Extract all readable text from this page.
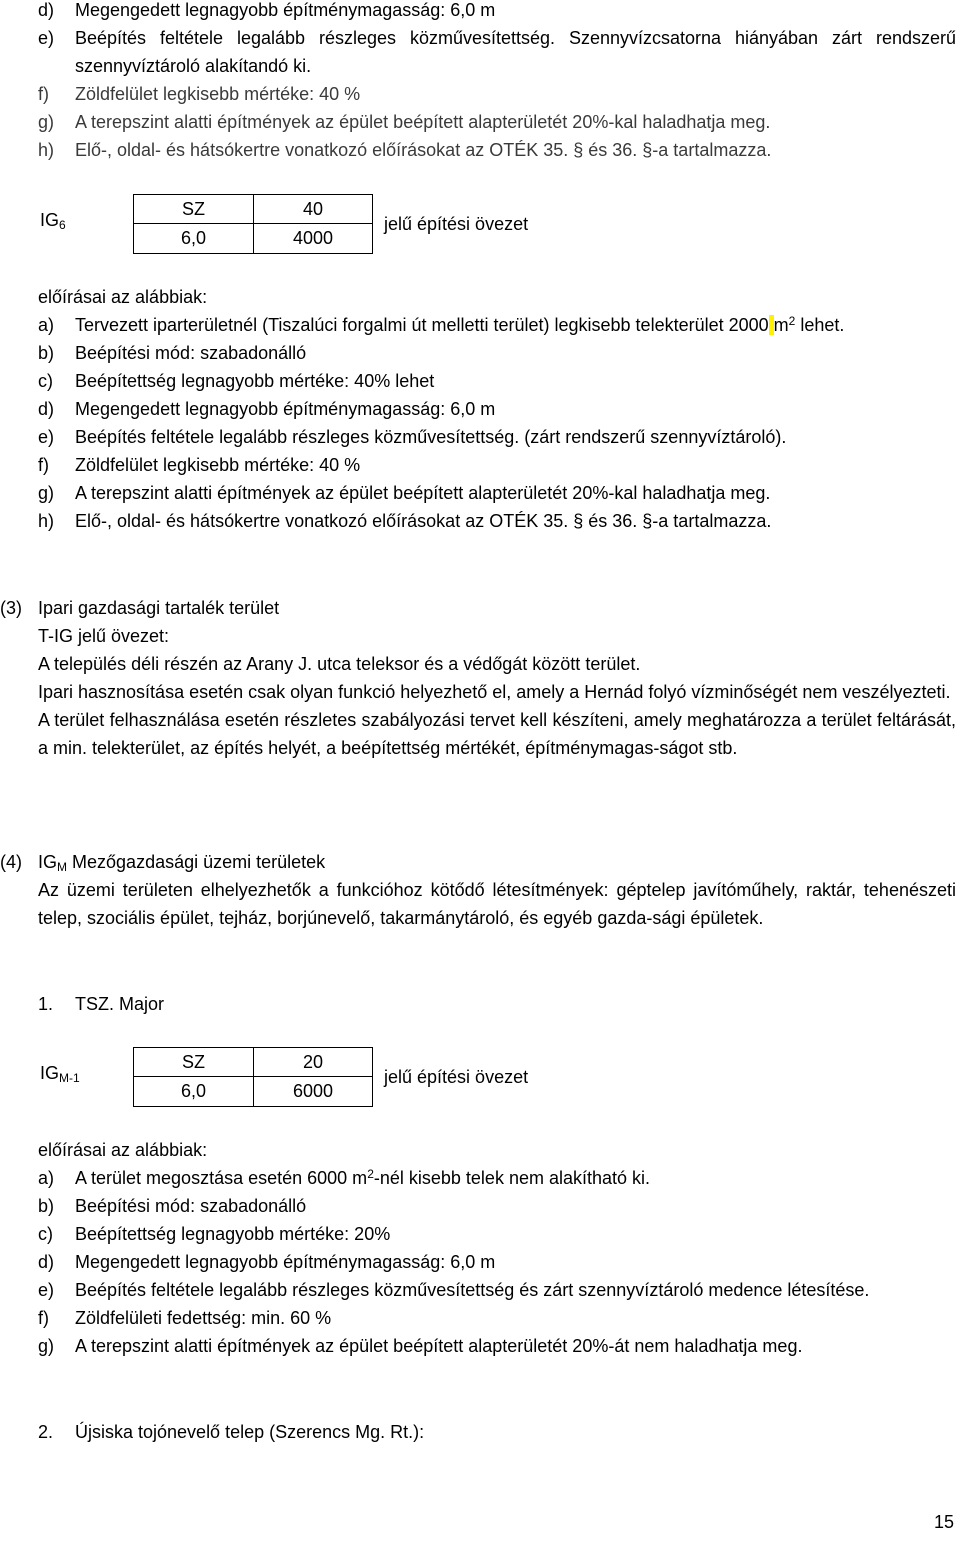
d) Megengedett legnagyobb építménymagasság: 6,0 m
e) Beépítés feltétele legalább részleges közművesítettség. Szennyvízcsatorna hiányában zárt rendszerű szennyvíztároló alakítandó ki.
f) Zöldfelület legkisebb mértéke: 40 %
g) A terepszint alatti építmények az épület beépített alapterületét 20%-kal haladhatja meg.
h) Elő-, oldal- és hátsókertre vonatkozó előírásokat az OTÉK 35. § és 36. §-a tartalmazza.
$IG_6$
SZ	40
6,0	4000
jelű építési övezet
előírásai az alábbiak:
a) Tervezett iparterületnél (Tiszalúci forgalmi út melletti terület) legkisebb telekterület 2000 $m^2$ lehet.
b) Beépítési mód: szabadonálló
c) Beépítettség legnagyobb mértéke: 40% lehet
d) Megengedett legnagyobb építménymagasság: 6,0 m
e) Beépítés feltétele legalább részleges közművesítettség. (zárt rendszerű szennyvíztároló).
f) Zöldfelület legkisebb mértéke: 40 %
g) A terepszint alatti építmények az épület beépített alapterületét 20%-kal haladhatja meg.
h) Elő-, oldal- és hátsókertre vonatkozó előírásokat az OTÉK 35. § és 36. §-a tartalmazza.
(3) Ipari gazdasági tartalék terület
T-IG jelű övezet:
A település déli részén az Arany J. utca teleksor és a védőgát között terület.
Ipari hasznosítása esetén csak olyan funkció helyezhető el, amely a Hernád folyó vízminőségét nem veszélyezteti.
A terület felhasználása esetén részletes szabályozási tervet kell készíteni, amely meghatározza a terület feltárását, a min. telekterület, az építés helyét, a beépítettség mértékét, építménymagas-ságot stb.
(4) $IG_M$ Mezőgazdasági üzemi területek
Az üzemi területen elhelyezhetők a funkcióhoz kötődő létesítmények: géptelep javítóműhely, raktár, tehenészeti telep, szociális épület, tejház, borjúnevelő, takarmánytároló, és egyéb gazda-sági épületek.
1. TSZ. Major
$IG_{M-1}$
SZ	20
6,0	6000
jelű építési övezet
előírásai az alábbiak:
a) A terület megosztása esetén 6000 $m^2$-nél kisebb telek nem alakítható ki.
b) Beépítési mód: szabadonálló
c) Beépítettség legnagyobb mértéke: 20%
d) Megengedett legnagyobb építménymagasság: 6,0 m
e) Beépítés feltétele legalább részleges közművesítettség és zárt szennyvíztároló medence létesítése.
f) Zöldfelületi fedettség: min. 60 %
g) A terepszint alatti építmények az épület beépített alapterületét 20%-át nem haladhatja meg.
2. Újsiska tojónevelő telep (Szerencs Mg. Rt.):
15
